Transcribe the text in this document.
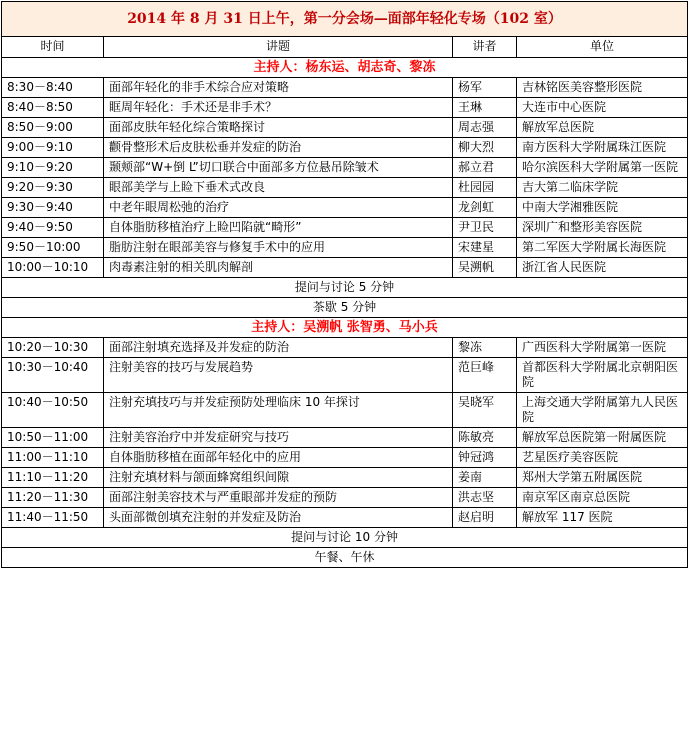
2014 年 8 月 31 日上午，第一分会场—面部年轻化专场（102 室）			
时间	讲题	讲者	单位
主持人：杨东运、胡志奇、黎冻			
8:30－8:40	面部年轻化的非手术综合应对策略	杨军	吉林铭医美容整形医院
8:40－8:50	眶周年轻化：手术还是非手术？	王琳	大连市中心医院
8:50－9:00	面部皮肤年轻化综合策略探讨	周志强	解放军总医院
9:00－9:10	颧骨整形术后皮肤松垂并发症的防治	柳大烈	南方医科大学附属珠江医院
9:10－9:20	颞颊部“W+倒 L”切口联合中面部多方位悬吊除皱术	郝立君	哈尔滨医科大学附属第一医院
9:20－9:30	眼部美学与上睑下垂术式改良	杜园园	吉大第二临床学院
9:30－9:40	中老年眼周松弛的治疗	龙剑虹	中南大学湘雅医院
9:40－9:50	自体脂肪移植治疗上睑凹陷就“畸形”	尹卫民	深圳广和整形美容医院
9:50－10:00	脂肪注射在眼部美容与修复手术中的应用	宋建星	第二军医大学附属长海医院
10:00－10:10	肉毒素注射的相关肌肉解剖	吴溯帆	浙江省人民医院
提问与讨论 5 分钟			
茶歇 5 分钟			
主持人：吴溯帆 张智勇、马小兵			
10:20－10:30	面部注射填充选择及并发症的防治	黎冻	广西医科大学附属第一医院
10:30－10:40	注射美容的技巧与发展趋势	范巨峰	首都医科大学附属北京朝阳医院
10:40－10:50	注射充填技巧与并发症预防处理临床 10 年探讨	吴晓军	上海交通大学附属第九人民医院
10:50－11:00	注射美容治疗中并发症研究与技巧	陈敏亮	解放军总医院第一附属医院
11:00－11:10	自体脂肪移植在面部年轻化中的应用	钟冠鸿	艺星医疗美容医院
11:10－11:20	注射充填材料与颌面蜂窝组织间隙	姜南	郑州大学第五附属医院
11:20－11:30	面部注射美容技术与严重眼部并发症的预防	洪志坚	南京军区南京总医院
11:40－11:50	头面部微创填充注射的并发症及防治	赵启明	解放军 117 医院
提问与讨论 10 分钟			
午餐、午休			
